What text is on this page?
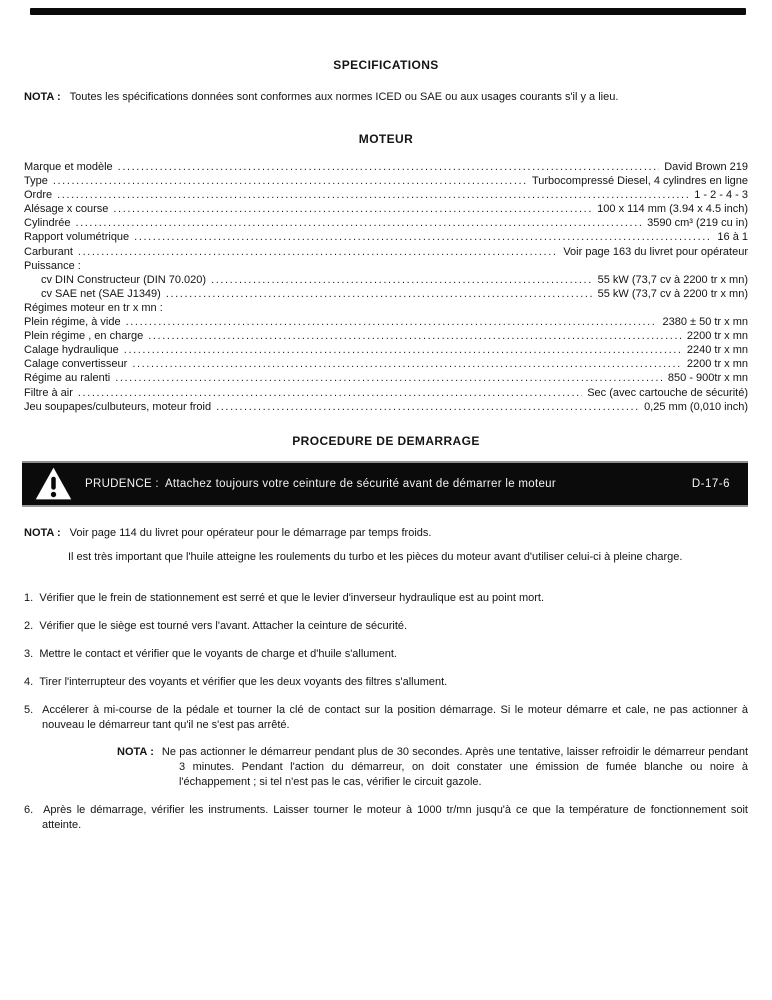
SPECIFICATIONS

NOTA : Toutes les spécifications données sont conformes aux normes ICED ou SAE ou aux usages courants s'il y a lieu.

MOTEUR
Marque et modèle .....	David Brown 219
Type .....	Turbocompressé Diesel, 4 cylindres en ligne
Ordre .....	1 - 2 - 4 - 3
Alésage x course .....	100 x 114 mm (3.94 x 4.5 inch)
Cylindrée .....	3590 cm³ (219 cu in)
Rapport volumétrique .....	16 à 1
Carburant .....	Voir page 163 du livret pour opérateur
Puissance :
cv DIN Constructeur (DIN 70.020) .....	55 kW (73,7 cv à 2200 tr x mn)
cv SAE net (SAE J1349) .....	55 kW (73,7 cv à 2200 tr x mn)
Régimes moteur en tr x mn :
Plein régime, à vide .....	2380 ± 50 tr x mn
Plein régime , en charge .....	2200 tr x mn
Calage hydraulique .....	2240 tr x mn
Calage convertisseur .....	2200 tr x mn
Régime au ralenti .....	850 - 900tr x mn
Filtre à air .....	Sec (avec cartouche de sécurité)
Jeu soupapes/culbuteurs, moteur froid .....	0,25 mm (0,010 inch)
PROCEDURE DE DEMARRAGE
PRUDENCE : Attachez toujours votre ceinture de sécurité avant de démarrer le moteur	D-17-6

NOTA : Voir page 114 du livret pour opérateur pour le démarrage par temps froids.

Il est très important que l'huile atteigne les roulements du turbo et les pièces du moteur avant d'utiliser celui-ci à pleine charge.

1. Vérifier que le frein de stationnement est serré et que le levier d'inverseur hydraulique est au point mort.
2. Vérifier que le siège est tourné vers l'avant. Attacher la ceinture de sécurité.
3. Mettre le contact et vérifier que le voyants de charge et d'huile s'allument.
4. Tirer l'interrupteur des voyants et vérifier que les deux voyants des filtres s'allument.
5. Accélerer à mi-course de la pédale et tourner la clé de contact sur la position démarrage. Si le moteur démarre et cale, ne pas actionner à nouveau le démarreur tant qu'il ne s'est pas arrêté.
NOTA : Ne pas actionner le démarreur pendant plus de 30 secondes. Après une tentative, laisser refroidir le démarreur pendant 3 minutes. Pendant l'action du démarreur, on doit constater une émission de fumée blanche ou noire à l'échappement ; si tel n'est pas le cas, vérifier le circuit gazole.
6. Après le démarrage, vérifier les instruments. Laisser tourner le moteur à 1000 tr/mn jusqu'à ce que la température de fonctionnement soit atteinte.
